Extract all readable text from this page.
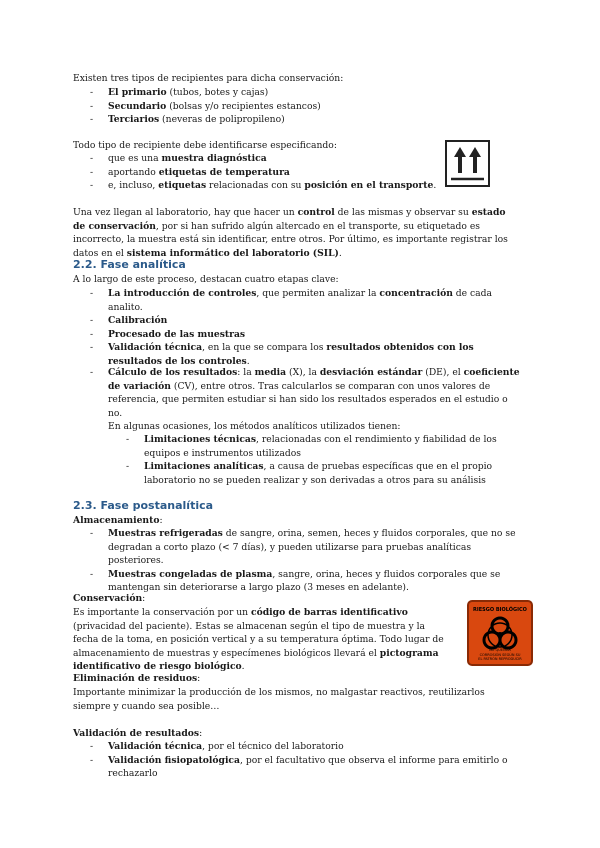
Existen tres tipos de recipientes para dicha conservación:
- El primario (tubos, botes y cajas)
- Secundario (bolsas y/o recipientes estancos)
- Terciarios (neveras de polipropileno)
Todo tipo de recipiente debe identificarse especificando:
- que es una muestra diagnóstica
- aportando etiquetas de temperatura
- e, incluso, etiquetas relacionadas con su posición en el transporte.
Una vez llegan al laboratorio, hay que hacer un control de las mismas y observar su estado de conservación, por si han sufrido algún altercado en el transporte, su etiquetado es incorrecto, la muestra está sin identificar, entre otros. Por último, es importante registrar los datos en el sistema informático del laboratorio (SIL).
2.2. Fase analítica
A lo largo de este proceso, destacan cuatro etapas clave:
- La introducción de controles, que permiten analizar la concentración de cada analito.
- Calibración
- Procesado de las muestras
- Validación técnica, en la que se compara los resultados obtenidos con los resultados de los controles.
- Cálculo de los resultados: la media (X), la desviación estándar (DE), el coeficiente de variación (CV), entre otros. Tras calcularlos se comparan con unos valores de referencia, que permiten estudiar si han sido los resultados esperados en el estudio o no.
En algunas ocasiones, los métodos analíticos utilizados tienen:
- Limitaciones técnicas, relacionadas con el rendimiento y fiabilidad de los equipos e instrumentos utilizados
- Limitaciones analíticas, a causa de pruebas específicas que en el propio laboratorio no se pueden realizar y son derivadas a otros para su análisis
2.3. Fase postanalítica
Almacenamiento:
- Muestras refrigeradas de sangre, orina, semen, heces y fluidos corporales, que no se degradan a corto plazo (< 7 días), y pueden utilizarse para pruebas analíticas posteriores.
- Muestras congeladas de plasma, sangre, orina, heces y fluidos corporales que se mantengan sin deteriorarse a largo plazo (3 meses en adelante).
Conservación:
Es importante la conservación por un código de barras identificativo (privacidad del paciente). Estas se almacenan según el tipo de muestra y la fecha de la toma, en posición vertical y a su temperatura óptima. Todo lugar de almacenamiento de muestras y especímenes biológicos llevará el pictograma identificativo de riesgo biológico.
RIESGO BIOLÓGICO
NO QUEMAR
CORROSIÓN SEGÚN SU
EL PATRÓN REPRODUCIR
Eliminación de residuos:
Importante minimizar la producción de los mismos, no malgastar reactivos, reutilizarlos siempre y cuando sea posible…
Validación de resultados:
- Validación técnica, por el técnico del laboratorio
- Validación fisiopatológica, por el facultativo que observa el informe para emitirlo o rechazarlo
